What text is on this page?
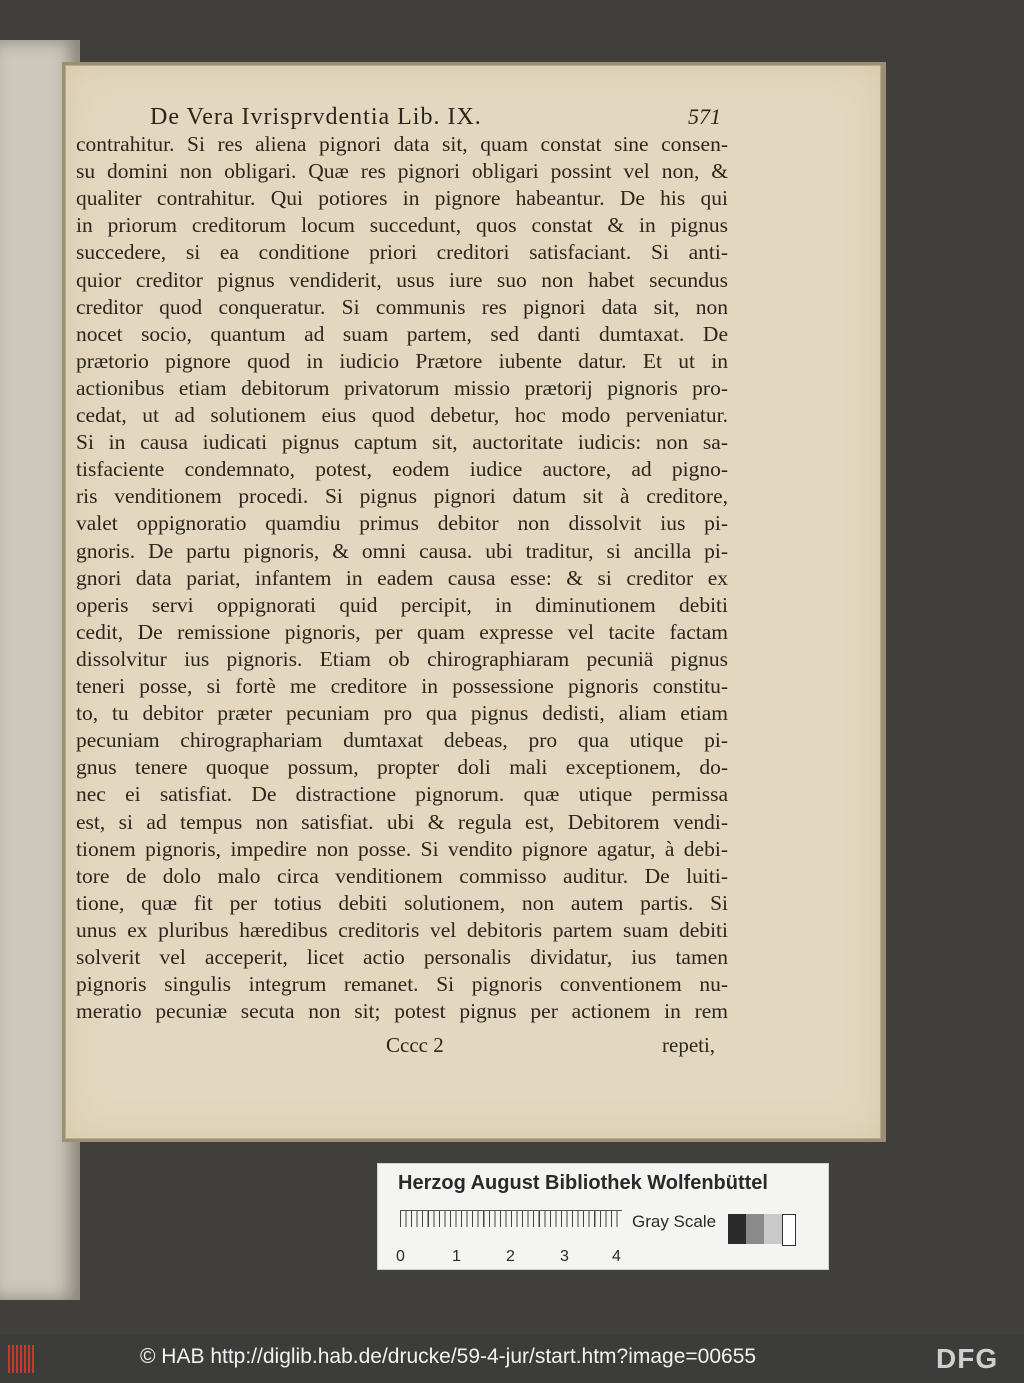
De Vera Ivrisprvdentia Lib. IX.	571
contrahitur. Si res aliena pignori data sit, quam constat sine consen-
su domini non obligari. Quæ res pignori obligari possint vel non, &
qualiter contrahitur. Qui potiores in pignore habeantur. De his qui
in priorum creditorum locum succedunt, quos constat & in pignus
succedere, si ea conditione priori creditori satisfaciant. Si anti-
quior creditor pignus vendiderit, usus iure suo non habet secundus
creditor quod conqueratur. Si communis res pignori data sit, non
nocet socio, quantum ad suam partem, sed danti dumtaxat. De
prætorio pignore quod in iudicio Prætore iubente datur. Et ut in
actionibus etiam debitorum privatorum missio prætorij pignoris pro-
cedat, ut ad solutionem eius quod debetur, hoc modo perveniatur.
Si in causa iudicati pignus captum sit, auctoritate iudicis: non sa-
tisfaciente condemnato, potest, eodem iudice auctore, ad pigno-
ris venditionem procedi. Si pignus pignori datum sit à creditore,
valet oppignoratio quamdiu primus debitor non dissolvit ius pi-
gnoris. De partu pignoris, & omni causa. ubi traditur, si ancilla pi-
gnori data pariat, infantem in eadem causa esse: & si creditor ex
operis servi oppignorati quid percipit, in diminutionem debiti
cedit, De remissione pignoris, per quam expresse vel tacite factam
dissolvitur ius pignoris. Etiam ob chirographiaram pecuniä pignus
teneri posse, si fortè me creditore in possessione pignoris constitu-
to, tu debitor præter pecuniam pro qua pignus dedisti, aliam etiam
pecuniam chirographariam dumtaxat debeas, pro qua utique pi-
gnus tenere quoque possum, propter doli mali exceptionem, do-
nec ei satisfiat. De distractione pignorum. quæ utique permissa
est, si ad tempus non satisfiat. ubi & regula est, Debitorem vendi-
tionem pignoris, impedire non posse. Si vendito pignore agatur, à debi-
tore de dolo malo circa venditionem commisso auditur. De luiti-
tione, quæ fit per totius debiti solutionem, non autem partis. Si
unus ex pluribus hæredibus creditoris vel debitoris partem suam debiti
solverit vel acceperit, licet actio personalis dividatur, ius tamen
pignoris singulis integrum remanet. Si pignoris conventionem nu-
meratio pecuniæ secuta non sit; potest pignus per actionem in rem
Cccc 2	repeti,
Herzog August Bibliothek Wolfenbüttel
0	1	2	3	4
Gray Scale
© HAB http://diglib.hab.de/drucke/59-4-jur/start.htm?image=00655	DFG
